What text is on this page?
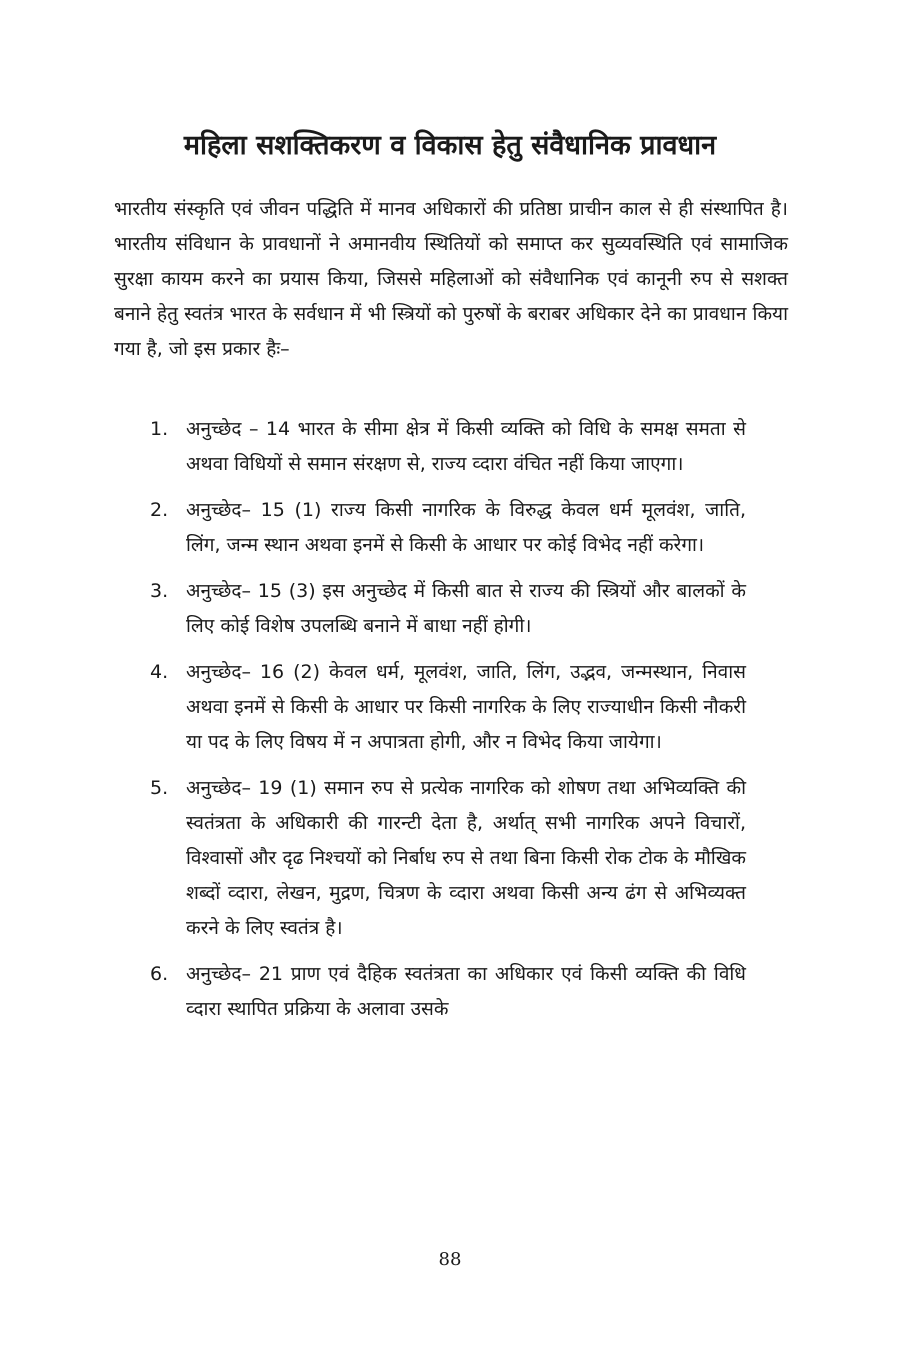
महिला सशक्तिकरण व विकास हेतु संवैधानिक प्रावधान

भारतीय संस्कृति एवं जीवन पद्धिति में मानव अधिकारों की प्रतिष्ठा प्राचीन काल से ही संस्थापित है। भारतीय संविधान के प्रावधानों ने अमानवीय स्थितियों को समाप्त कर सुव्यवस्थिति एवं सामाजिक सुरक्षा कायम करने का प्रयास किया, जिससे महिलाओं को संवैधानिक एवं कानूनी रुप से सशक्त बनाने हेतु स्वतंत्र भारत के सर्वधान में भी स्त्रियों को पुरुषों के बराबर अधिकार देने का प्रावधान किया गया है, जो इस प्रकार हैः–

1. अनुच्छेद – 14 भारत के सीमा क्षेत्र में किसी व्यक्ति को विधि के समक्ष समता से अथवा विधियों से समान संरक्षण से, राज्य व्दारा वंचित नहीं किया जाएगा।
2. अनुच्छेद– 15 (1) राज्य किसी नागरिक के विरुद्ध केवल धर्म मूलवंश, जाति, लिंग, जन्म स्थान अथवा इनमें से किसी के आधार पर कोई विभेद नहीं करेगा।
3. अनुच्छेद– 15 (3) इस अनुच्छेद में किसी बात से राज्य की स्त्रियों और बालकों के लिए कोई विशेष उपलब्धि बनाने में बाधा नहीं होगी।
4. अनुच्छेद– 16 (2) केवल धर्म, मूलवंश, जाति, लिंग, उद्भव, जन्मस्थान, निवास अथवा इनमें से किसी के आधार पर किसी नागरिक के लिए राज्याधीन किसी नौकरी या पद के लिए विषय में न अपात्रता होगी, और न विभेद किया जायेगा।
5. अनुच्छेद– 19 (1) समान रुप से प्रत्येक नागरिक को शोषण तथा अभिव्यक्ति की स्वतंत्रता के अधिकारी की गारन्टी देता है, अर्थात् सभी नागरिक अपने विचारों, विश्वासों और दृढ निश्चयों को निर्बाध रुप से तथा बिना किसी रोक टोक के मौखिक शब्दों व्दारा, लेखन, मुद्रण, चित्रण के व्दारा अथवा किसी अन्य ढंग से अभिव्यक्त करने के लिए स्वतंत्र है।
6. अनुच्छेद– 21 प्राण एवं दैहिक स्वतंत्रता का अधिकार एवं किसी व्यक्ति की विधि व्दारा स्थापित प्रक्रिया के अलावा उसके
88
